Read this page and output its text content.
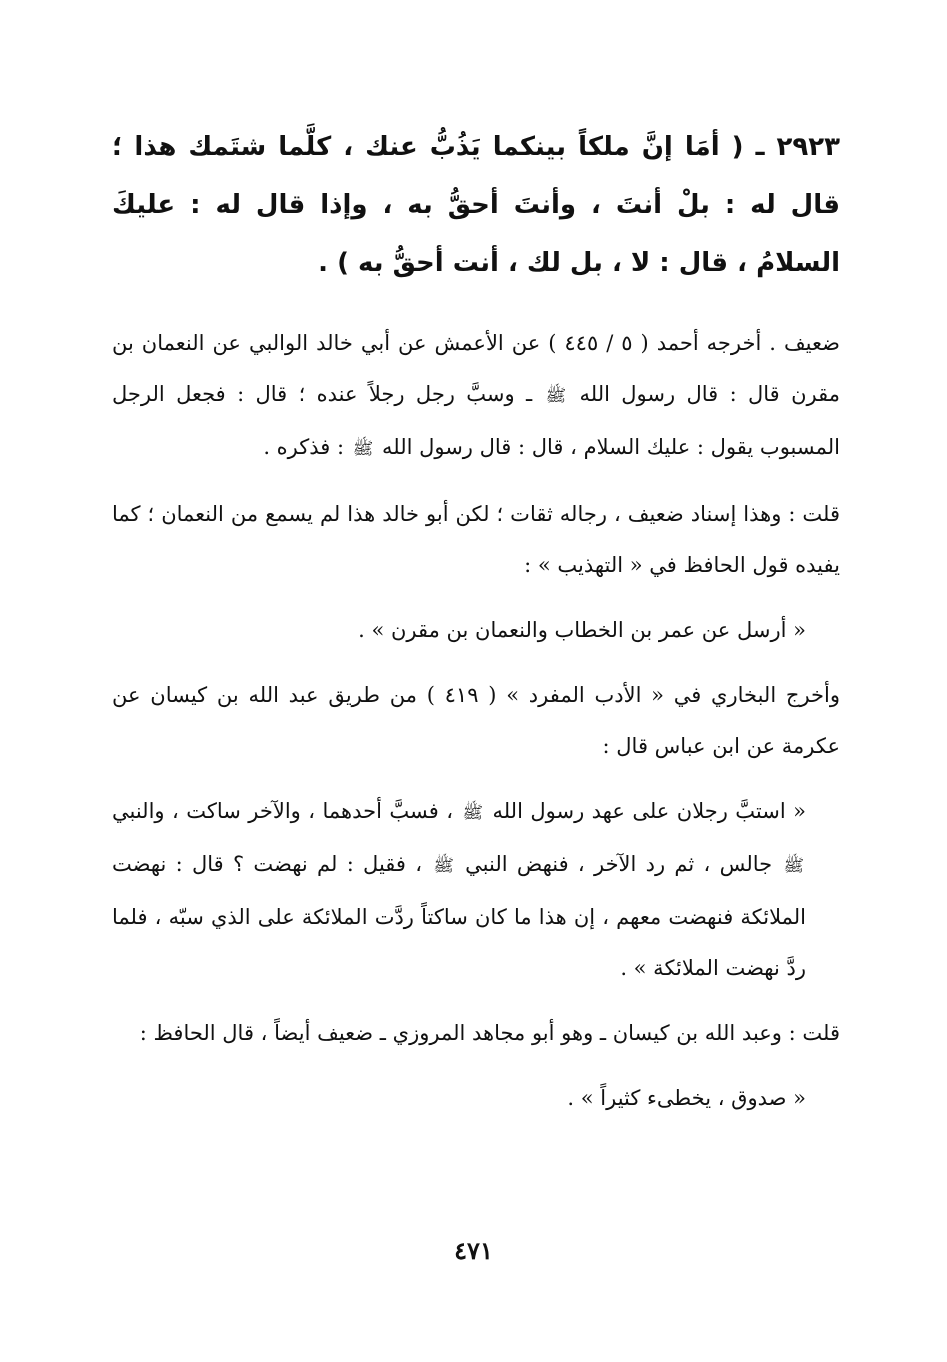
٢٩٢٣ ـ ( أمَا إنَّ ملكاً بينكما يَذُبُّ عنك ، كلَّما شتَمك هذا ؛ قال له : بلْ أنتَ ، وأنتَ أحقُّ به ، وإذا قال له : عليكَ السلامُ ، قال : لا ، بل لك ، أنت أحقُّ به ) .

ضعيف . أخرجه أحمد ( ٥ / ٤٤٥ ) عن الأعمش عن أبي خالد الوالبي عن النعمان بن مقرن قال : قال رسول الله ﷺ ـ وسبَّ رجل رجلاً عنده ؛ قال : فجعل الرجل المسبوب يقول : عليك السلام ، قال : قال رسول الله ﷺ : فذكره .

قلت : وهذا إسناد ضعيف ، رجاله ثقات ؛ لكن أبو خالد هذا لم يسمع من النعمان ؛ كما يفيده قول الحافظ في « التهذيب » :

« أرسل عن عمر بن الخطاب والنعمان بن مقرن » .

وأخرج البخاري في « الأدب المفرد » ( ٤١٩ ) من طريق عبد الله بن كيسان عن عكرمة عن ابن عباس قال :

« استبَّ رجلان على عهد رسول الله ﷺ ، فسبَّ أحدهما ، والآخر ساكت ، والنبي ﷺ جالس ، ثم رد الآخر ، فنهض النبي ﷺ ، فقيل : لم نهضت ؟ قال : نهضت الملائكة فنهضت معهم ، إن هذا ما كان ساكتاً ردَّت الملائكة على الذي سبّه ، فلما ردَّ نهضت الملائكة » .

قلت : وعبد الله بن كيسان ـ وهو أبو مجاهد المروزي ـ ضعيف أيضاً ، قال الحافظ :

« صدوق ، يخطىء كثيراً » .

٤٧١
